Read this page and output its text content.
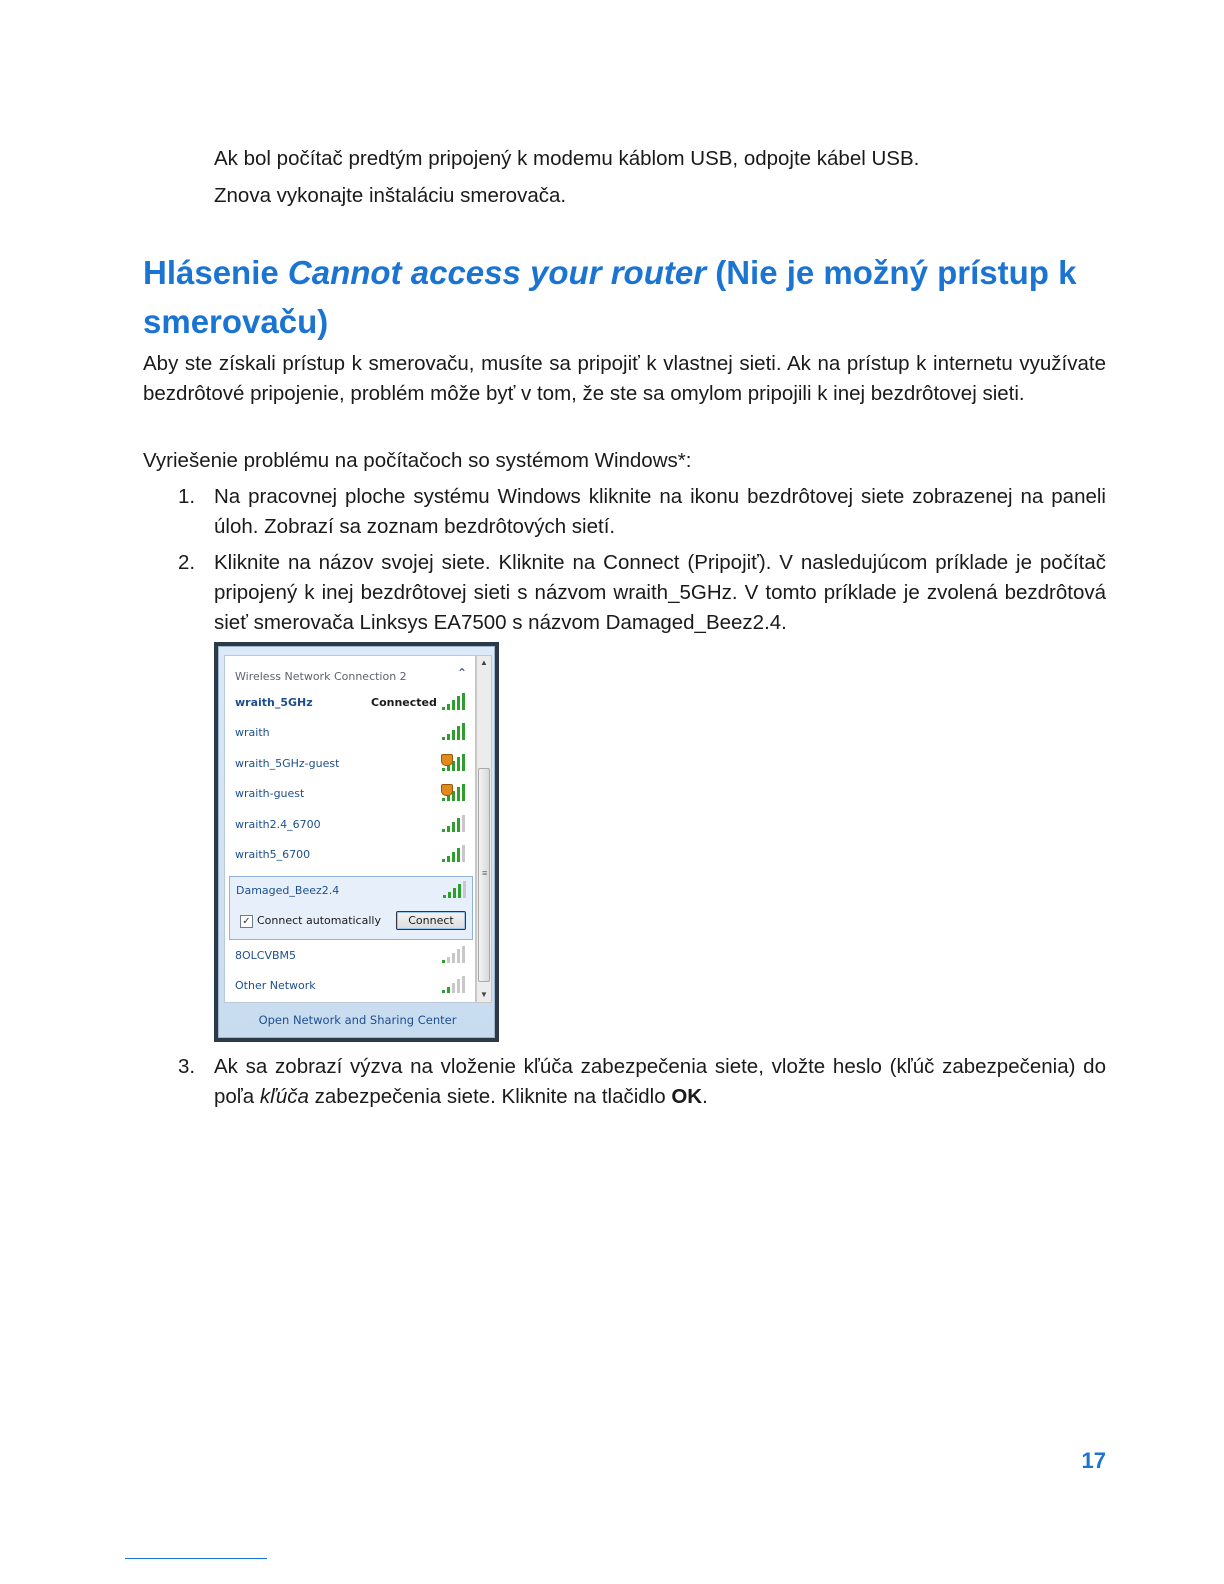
Ak bol počítač predtým pripojený k modemu káblom USB, odpojte kábel USB.

Znova vykonajte inštaláciu smerovača.

Hlásenie Cannot access your router (Nie je možný prístup k smerovaču)

Aby ste získali prístup k smerovaču, musíte sa pripojiť k vlastnej sieti. Ak na prístup k internetu využívate bezdrôtové pripojenie, problém môže byť v tom, že ste sa omylom pripojili k inej bezdrôtovej sieti.

Vyriešenie problému na počítačoch so systémom Windows*:

1. Na pracovnej ploche systému Windows kliknite na ikonu bezdrôtovej siete zobrazenej na paneli úloh. Zobrazí sa zoznam bezdrôtových sietí.

2. Kliknite na názov svojej siete. Kliknite na Connect (Pripojiť). V nasledujúcom príklade je počítač pripojený k inej bezdrôtovej sieti s názvom wraith_5GHz. V tomto príklade je zvolená bezdrôtová sieť smerovača Linksys EA7500 s názvom Damaged_Beez2.4.

Wireless Network Connection 2	⌃
wraith_5GHz	Connected
wraith
wraith_5GHz-guest
wraith-guest
wraith2.4_6700
wraith5_6700
Damaged_Beez2.4
✓ Connect automatically	Connect
8OLCVBM5
Other Network
▲
≡
▼
Open Network and Sharing Center
3. Ak sa zobrazí výzva na vloženie kľúča zabezpečenia siete, vložte heslo (kľúč zabezpečenia) do poľa kľúča zabezpečenia siete. Kliknite na tlačidlo OK.

17
